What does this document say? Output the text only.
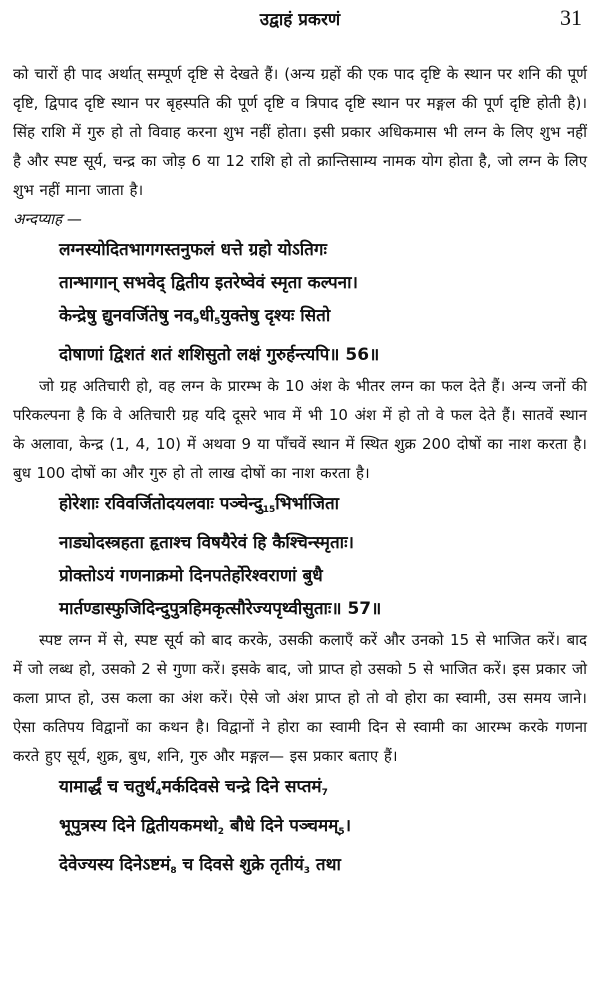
उद्वाहं प्रकरणं	31

को चारों ही पाद अर्थात् सम्पूर्ण दृष्टि से देखते हैं। (अन्य ग्रहों की एक पाद दृष्टि के स्थान पर शनि की पूर्ण दृष्टि, द्विपाद दृष्टि स्थान पर बृहस्पति की पूर्ण दृष्टि व त्रिपाद दृष्टि स्थान पर मङ्गल की पूर्ण दृष्टि होती है)। सिंह राशि में गुरु हो तो विवाह करना शुभ नहीं होता। इसी प्रकार अधिकमास भी लग्न के लिए शुभ नहीं है और स्पष्ट सूर्य, चन्द्र का जोड़ 6 या 12 राशि हो तो क्रान्तिसाम्य नामक योग होता है, जो लग्न के लिए शुभ नहीं माना जाता है।

अन्दप्याह —

लग्नस्योदितभागगस्तनुफलं धत्ते ग्रहो योऽतिगः
तान्भागान् सभवेद् द्वितीय इतरेष्वेवं स्मृता कल्पना।
केन्द्रेषु द्युनवर्जितेषु $नव_9धी_5युक्तेषु$ दृश्यः सितो
दोषाणां द्विशतं शतं शशिसुतो लक्षं गुरुर्हन्त्यपि॥ 56॥

जो ग्रह अतिचारी हो, वह लग्न के प्रारम्भ के 10 अंश के भीतर लग्न का फल देते हैं। अन्य जनों की परिकल्पना है कि वे अतिचारी ग्रह यदि दूसरे भाव में भी 10 अंश में हो तो वे फल देते हैं। सातवें स्थान के अलावा, केन्द्र (1, 4, 10) में अथवा 9 या पाँचवें स्थान में स्थित शुक्र 200 दोषों का नाश करता है। बुध 100 दोषों का और गुरु हो तो लाख दोषों का नाश करता है।

होरेशाः रविवर्जितोदयलवाः $पञ्चेन्दु_{15}भिर्भाजिता$
नाड्योदस्त्रहता हृताश्च विषयैरेवं हि कैश्चिन्स्मृताः।
प्रोक्तोऽयं गणनाक्रमो दिनपतेर्होरेश्वराणां बुधै
मार्तण्डास्फुजिदिन्दुपुत्रहिमकृत्सौरेज्यपृथ्वीसुताः॥ 57॥

स्पष्ट लग्न में से, स्पष्ट सूर्य को बाद करके, उसकी कलाएँ करें और उनको 15 से भाजित करें। बाद में जो लब्ध हो, उसको 2 से गुणा करें। इसके बाद, जो प्राप्त हो उसको 5 से भाजित करें। इस प्रकार जो कला प्राप्त हो, उस कला का अंश करें। ऐसे जो अंश प्राप्त हो तो वो होरा का स्वामी, उस समय जाने। ऐसा कतिपय विद्वानों का कथन है। विद्वानों ने होरा का स्वामी दिन से स्वामी का आरम्भ करके गणना करते हुए सूर्य, शुक्र, बुध, शनि, गुरु और मङ्गल— इस प्रकार बताए हैं।

यामार्द्धं च चतुर्थ$_4$मर्कदिवसे चन्द्रे दिने $सप्तमं_7$
भूपुत्रस्य दिने $द्वितीयकमथो_2$ बौधे दिने $पञ्चमम्_5।$
देवेज्यस्य $दिनेऽष्टमं_8$ च दिवसे शुक्रे $तृतीयं_3$ तथा
